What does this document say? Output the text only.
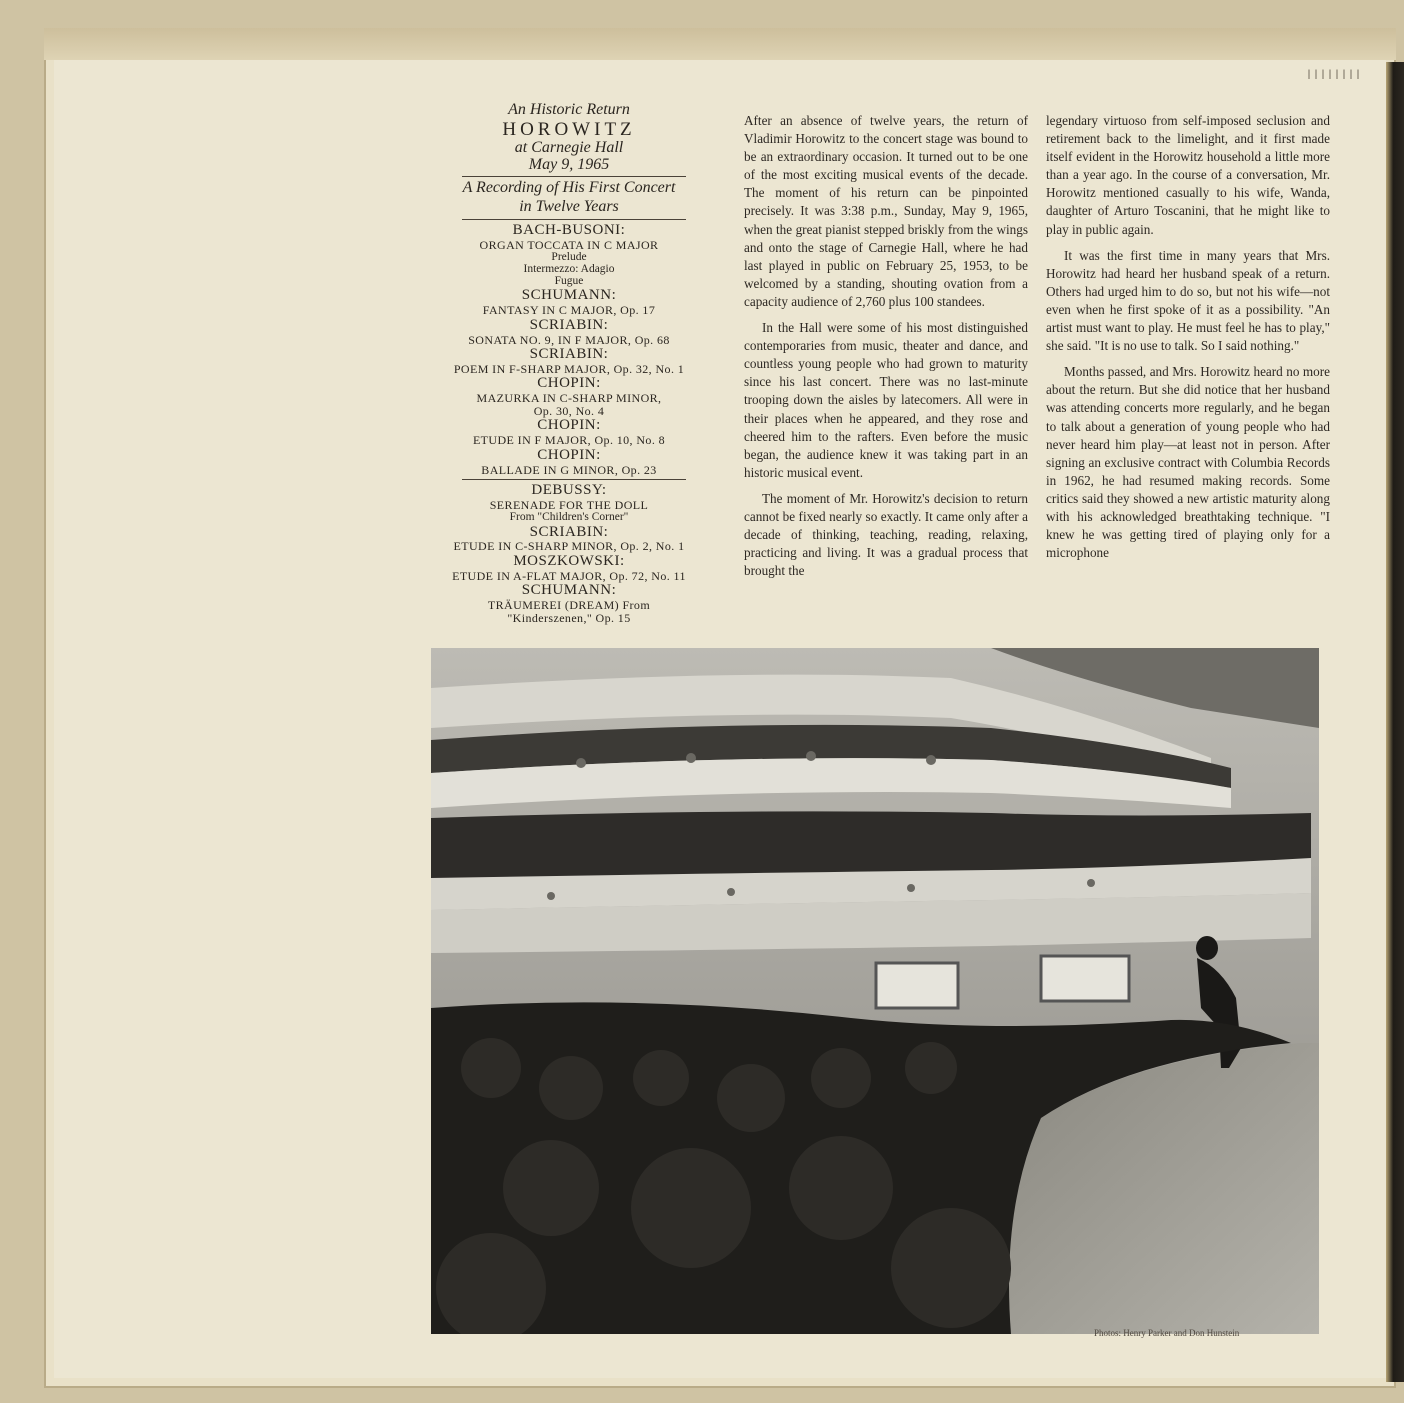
||||||||
An Historic Return
HOROWITZ
at Carnegie Hall
May 9, 1965
A Recording of His First Concert
in Twelve Years
BACH-BUSONI:
ORGAN TOCCATA IN C MAJOR
Prelude
Intermezzo: Adagio
Fugue
SCHUMANN:
FANTASY IN C MAJOR, Op. 17
SCRIABIN:
SONATA NO. 9, IN F MAJOR, Op. 68
SCRIABIN:
POEM IN F-SHARP MAJOR, Op. 32, No. 1
CHOPIN:
MAZURKA IN C-SHARP MINOR,
Op. 30, No. 4
CHOPIN:
ETUDE IN F MAJOR, Op. 10, No. 8
CHOPIN:
BALLADE IN G MINOR, Op. 23
DEBUSSY:
SERENADE FOR THE DOLL
From "Children's Corner"
SCRIABIN:
ETUDE IN C-SHARP MINOR, Op. 2, No. 1
MOSZKOWSKI:
ETUDE IN A-FLAT MAJOR, Op. 72, No. 11
SCHUMANN:
TRÄUMEREI (DREAM) From
"Kinderszenen," Op. 15

After an absence of twelve years, the return of Vladimir Horowitz to the concert stage was bound to be an extraordinary occasion. It turned out to be one of the most exciting musical events of the decade. The moment of his return can be pinpointed precisely. It was 3:38 p.m., Sunday, May 9, 1965, when the great pianist stepped briskly from the wings and onto the stage of Carnegie Hall, where he had last played in public on February 25, 1953, to be welcomed by a standing, shouting ovation from a capacity audience of 2,760 plus 100 standees.

In the Hall were some of his most distinguished contemporaries from music, theater and dance, and countless young people who had grown to maturity since his last concert. There was no last-minute trooping down the aisles by latecomers. All were in their places when he appeared, and they rose and cheered him to the rafters. Even before the music began, the audience knew it was taking part in an historic musical event.

The moment of Mr. Horowitz's decision to return cannot be fixed nearly so exactly. It came only after a decade of thinking, teaching, reading, relaxing, practicing and living. It was a gradual process that brought the

legendary virtuoso from self-imposed seclusion and retirement back to the limelight, and it first made itself evident in the Horowitz household a little more than a year ago. In the course of a conversation, Mr. Horowitz mentioned casually to his wife, Wanda, daughter of Arturo Toscanini, that he might like to play in public again.

It was the first time in many years that Mrs. Horowitz had heard her husband speak of a return. Others had urged him to do so, but not his wife—not even when he first spoke of it as a possibility. "An artist must want to play. He must feel he has to play," she said. "It is no use to talk. So I said nothing."

Months passed, and Mrs. Horowitz heard no more about the return. But she did notice that her husband was attending concerts more regularly, and he began to talk about a generation of young people who had never heard him play—at least not in person. After signing an exclusive contract with Columbia Records in 1962, he had resumed making records. Some critics said they showed a new artistic maturity along with his acknowledged breathtaking technique. "I knew he was getting tired of playing only for a microphone

Photos: Henry Parker and Don Hunstein
